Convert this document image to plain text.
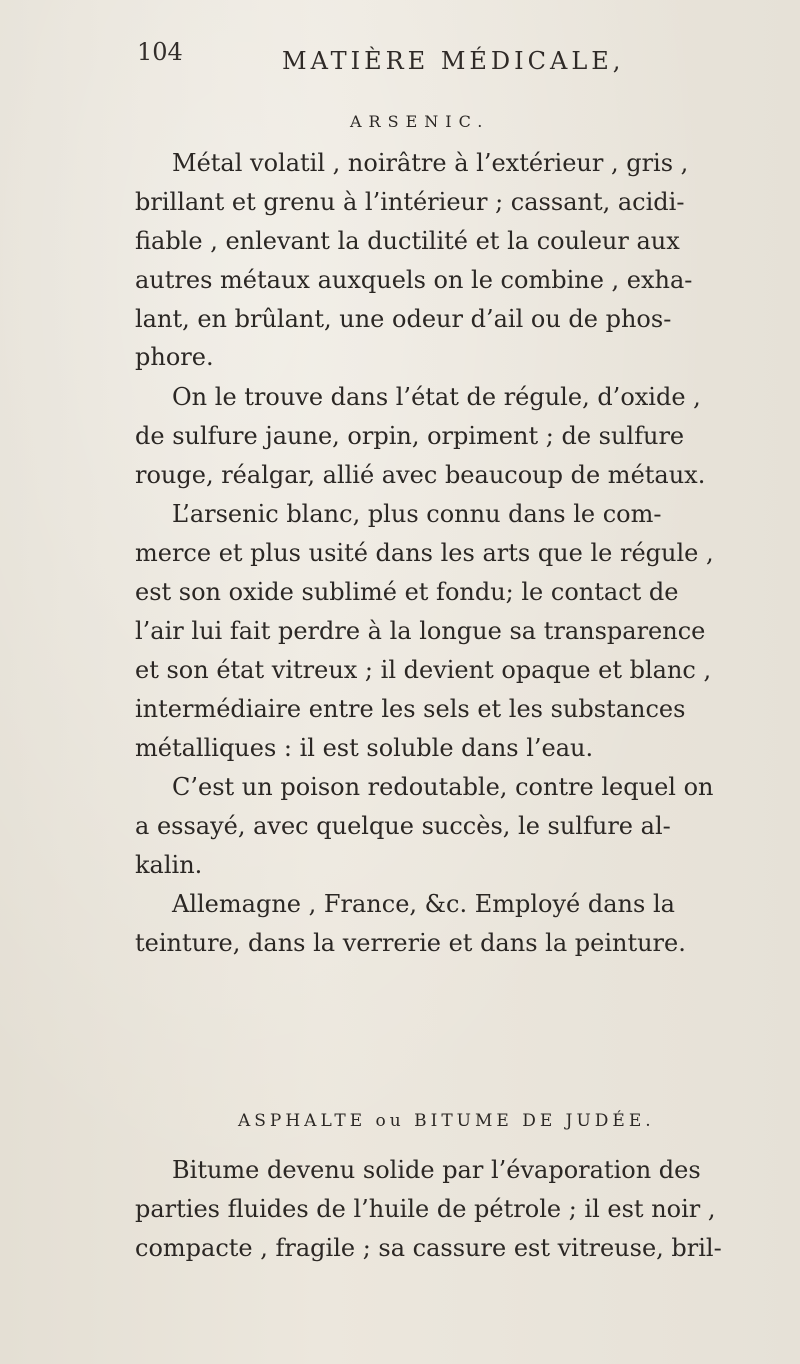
104	MATIÈRE MÉDICALE,
ARSENIC.
Métal volatil , noirâtre à l’extérieur , gris ,
brillant et grenu à l’intérieur ; cassant, acidi-
fiable , enlevant la ductilité et la couleur aux
autres métaux auxquels on le combine , exha-
lant, en brûlant, une odeur d’ail ou de phos-
phore.
On le trouve dans l’état de régule, d’oxide ,
de sulfure jaune, orpin, orpiment ; de sulfure
rouge, réalgar, allié avec beaucoup de métaux.
L’arsenic blanc, plus connu dans le com-
merce et plus usité dans les arts que le régule ,
est son oxide sublimé et fondu; le contact de
l’air lui fait perdre à la longue sa transparence
et son état vitreux ; il devient opaque et blanc ,
intermédiaire entre les sels et les substances
métalliques : il est soluble dans l’eau.
C’est un poison redoutable, contre lequel on
a essayé, avec quelque succès, le sulfure al-
kalin.
Allemagne , France, &c. Employé dans la
teinture, dans la verrerie et dans la peinture.
ASPHALTE ou BITUME DE JUDÉE.
Bitume devenu solide par l’évaporation des
parties fluides de l’huile de pétrole ; il est noir ,
compacte , fragile ; sa cassure est vitreuse, bril-
